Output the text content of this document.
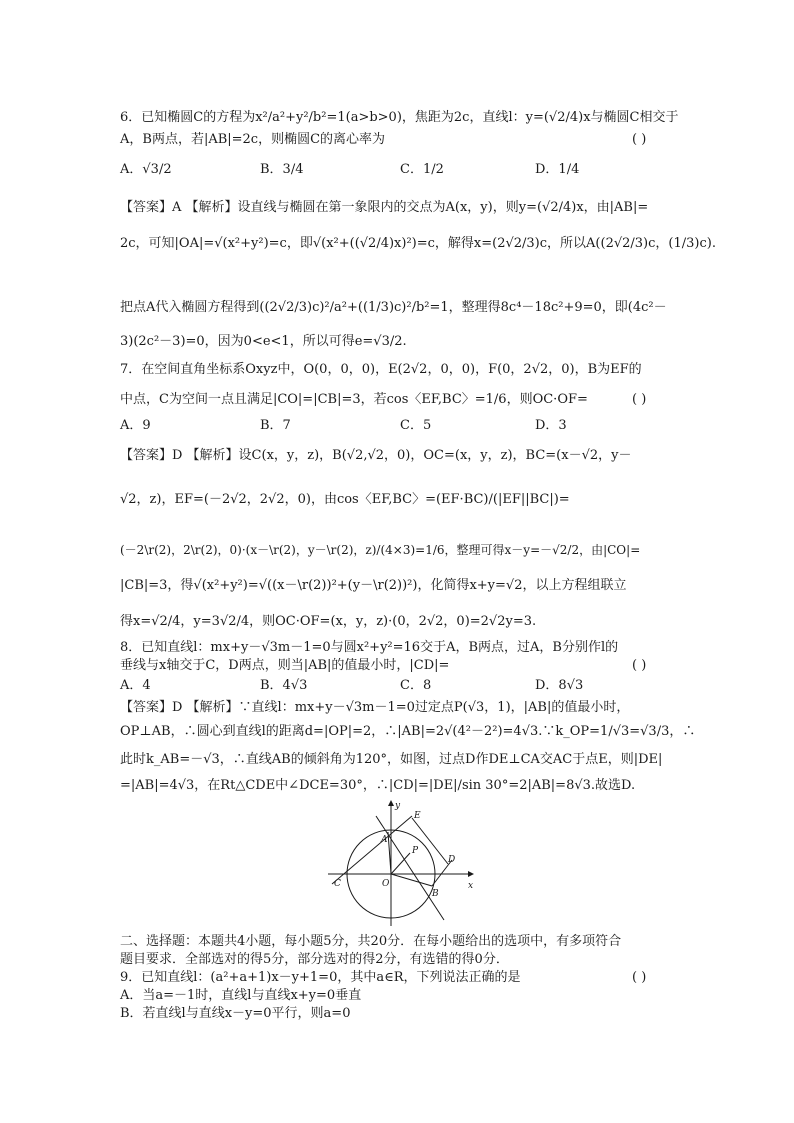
6．已知椭圆C的方程为x²/a²+y²/b²=1(a>b>0)，焦距为2c，直线l：y=(√2/4)x与椭圆C相交于
A，B两点，若|AB|=2c，则椭圆C的离心率为	( )
A．√3/2	B．3/4	C．1/2	D．1/4
【答案】A 【解析】设直线与椭圆在第一象限内的交点为A(x，y)，则y=(√2/4)x，由|AB|=
2c，可知|OA|=√(x²+y²)=c，即√(x²+((√2/4)x)²)=c，解得x=(2√2/3)c，所以A((2√2/3)c，(1/3)c).
把点A代入椭圆方程得到((2√2/3)c)²/a²+((1/3)c)²/b²=1，整理得8c⁴－18c²+9=0，即(4c²－
3)(2c²－3)=0，因为0<e<1，所以可得e=√3/2.
7．在空间直角坐标系Oxyz中，O(0，0，0)，E(2√2，0，0)，F(0，2√2，0)，B为EF的
中点，C为空间一点且满足|CO|=|CB|=3，若cos〈EF,BC〉=1/6，则OC·OF=	( )
A．9	B．7	C．5	D．3
【答案】D 【解析】设C(x，y，z)，B(√2,√2，0)，OC=(x，y，z)，BC=(x－√2，y－
√2，z)，EF=(－2√2，2√2，0)，由cos〈EF,BC〉=(EF·BC)/(|EF||BC|)=
(－2\r(2)，2\r(2)，0)·(x－\r(2)，y－\r(2)，z)/(4×3)=1/6，整理可得x－y=－√2/2，由|CO|=
|CB|=3，得√(x²+y²)=√((x－\r(2))²+(y－\r(2))²)，化简得x+y=√2，以上方程组联立
得x=√2/4，y=3√2/4，则OC·OF=(x，y，z)·(0，2√2，0)=2√2y=3.
8．已知直线l：mx+y－√3m－1=0与圆x²+y²=16交于A，B两点，过A，B分别作l的
垂线与x轴交于C，D两点，则当|AB|的值最小时，|CD|=	( )
A．4	B．4√3	C．8	D．8√3
【答案】D 【解析】∵直线l：mx+y－√3m－1=0过定点P(√3，1)，|AB|的值最小时，
OP⊥AB，∴圆心到直线l的距离d=|OP|=2，∴|AB|=2√(4²－2²)=4√3.∵k_OP=1/√3=√3/3，∴
此时k_AB=－√3，∴直线AB的倾斜角为120°，如图，过点D作DE⊥CA交AC于点E，则|DE|
=|AB|=4√3，在Rt△CDE中∠DCE=30°，∴|CD|=|DE|/sin 30°=2|AB|=8√3.故选D.
y
x
E
A
P
D
C	O
B
二、选择题：本题共4小题，每小题5分，共20分．在每小题给出的选项中，有多项符合
题目要求．全部选对的得5分，部分选对的得2分，有选错的得0分．
9．已知直线l：(a²+a+1)x－y+1=0，其中a∈R，下列说法正确的是	( )
A．当a=－1时，直线l与直线x+y=0垂直
B．若直线l与直线x－y=0平行，则a=0
